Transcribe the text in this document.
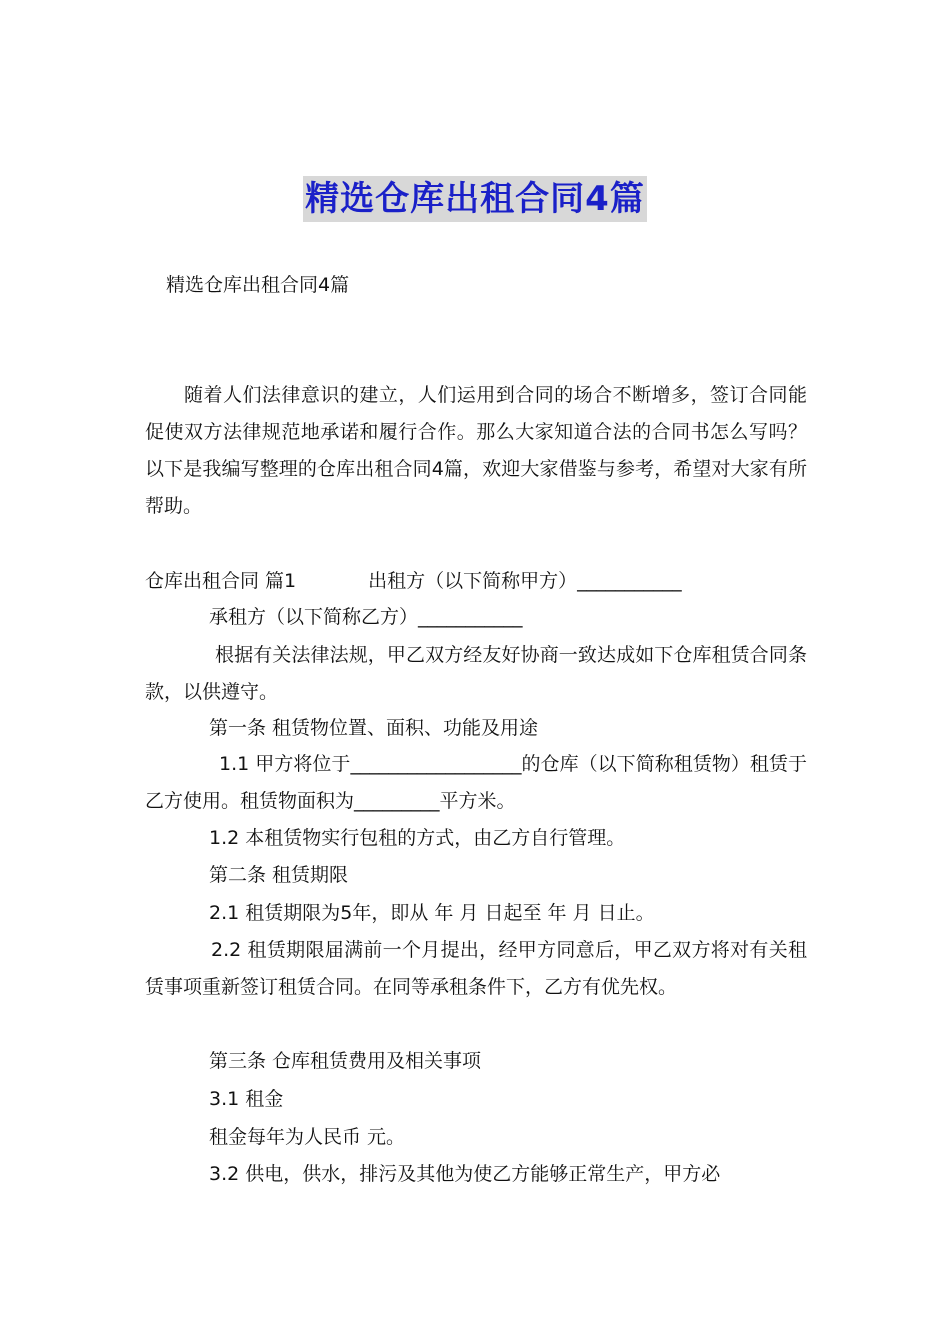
精选仓库出租合同4篇

精选仓库出租合同4篇

随着人们法律意识的建立，人们运用到合同的场合不断增多，签订合同能促使双方法律规范地承诺和履行合作。那么大家知道合法的合同书怎么写吗？以下是我编写整理的仓库出租合同4篇，欢迎大家借鉴与参考，希望对大家有所帮助。

仓库出租合同 篇1	出租方（以下简称甲方）___________

承租方（以下简称乙方）___________

根据有关法律法规，甲乙双方经友好协商一致达成如下仓库租赁合同条款，以供遵守。

第一条 租赁物位置、面积、功能及用途

1.1 甲方将位于__________________的仓库（以下简称租赁物）租赁于乙方使用。租赁物面积为_________平方米。

1.2 本租赁物实行包租的方式，由乙方自行管理。

第二条 租赁期限

2.1 租赁期限为5年，即从 年 月 日起至 年 月 日止。

2.2 租赁期限届满前一个月提出，经甲方同意后，甲乙双方将对有关租赁事项重新签订租赁合同。在同等承租条件下，乙方有优先权。

第三条 仓库租赁费用及相关事项

3.1 租金

租金每年为人民币 元。

3.2 供电，供水，排污及其他为使乙方能够正常生产，甲方必
